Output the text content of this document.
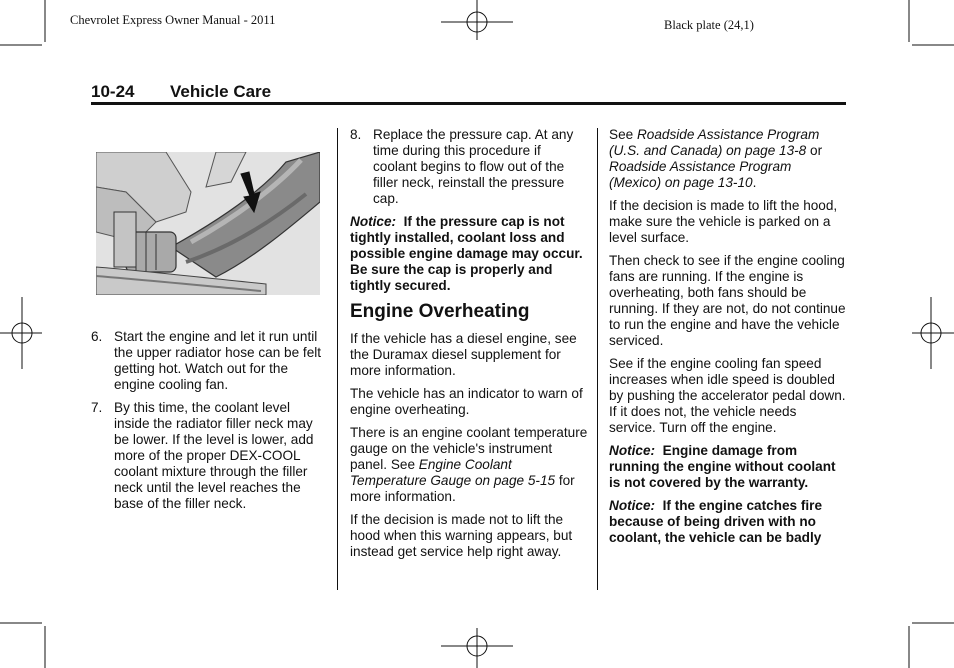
Chevrolet Express Owner Manual - 2011	Black plate (24,1)
10-24 Vehicle Care
6. Start the engine and let it run until the upper radiator hose can be felt getting hot. Watch out for the engine cooling fan.
7. By this time, the coolant level inside the radiator filler neck may be lower. If the level is lower, add more of the proper DEX-COOL coolant mixture through the filler neck until the level reaches the base of the filler neck.
8. Replace the pressure cap. At any time during this procedure if coolant begins to flow out of the filler neck, reinstall the pressure cap.

Notice: If the pressure cap is not tightly installed, coolant loss and possible engine damage may occur. Be sure the cap is properly and tightly secured.

Engine Overheating

If the vehicle has a diesel engine, see the Duramax diesel supplement for more information.

The vehicle has an indicator to warn of engine overheating.

There is an engine coolant temperature gauge on the vehicle's instrument panel. See Engine Coolant Temperature Gauge on page 5-15 for more information.

If the decision is made not to lift the hood when this warning appears, but instead get service help right away.

See Roadside Assistance Program (U.S. and Canada) on page 13-8 or Roadside Assistance Program (Mexico) on page 13-10.

If the decision is made to lift the hood, make sure the vehicle is parked on a level surface.

Then check to see if the engine cooling fans are running. If the engine is overheating, both fans should be running. If they are not, do not continue to run the engine and have the vehicle serviced.

See if the engine cooling fan speed increases when idle speed is doubled by pushing the accelerator pedal down. If it does not, the vehicle needs service. Turn off the engine.

Notice: Engine damage from running the engine without coolant is not covered by the warranty.

Notice: If the engine catches fire because of being driven with no coolant, the vehicle can be badly
